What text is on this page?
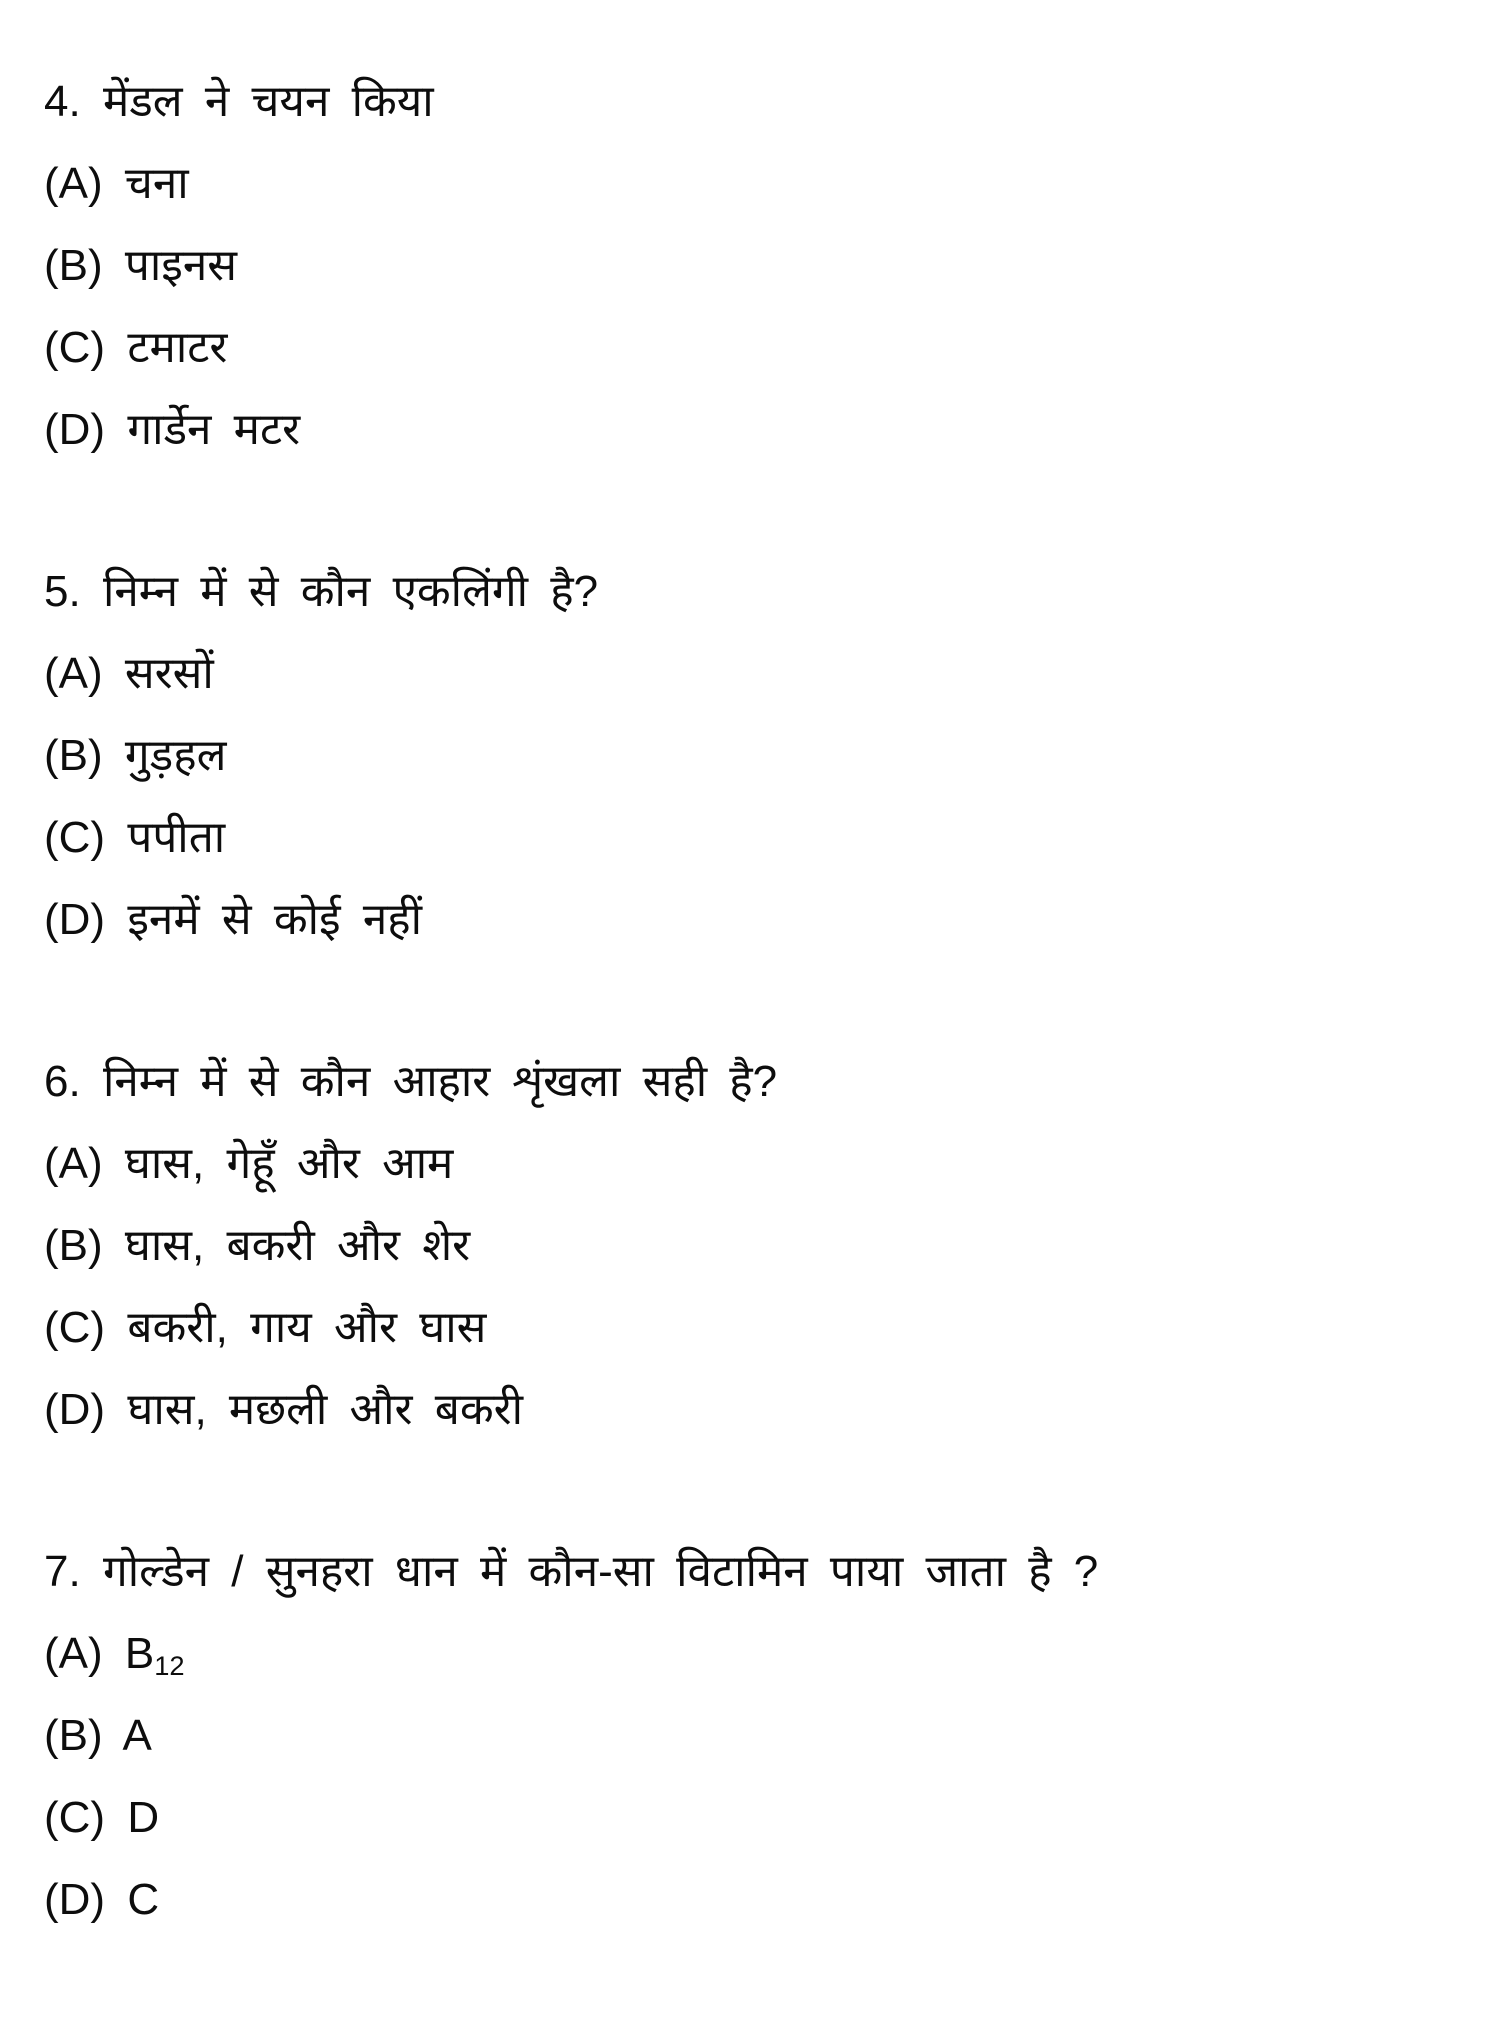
4. मेंडल ने चयन किया
(A) चना
(B) पाइनस
(C) टमाटर
(D) गार्डेन मटर
5. निम्न में से कौन एकलिंगी है?
(A) सरसों
(B) गुड़हल
(C) पपीता
(D) इनमें से कोई नहीं
6. निम्न में से कौन आहार शृंखला सही है?
(A) घास, गेहूँ और आम
(B) घास, बकरी और शेर
(C) बकरी, गाय और घास
(D) घास, मछली और बकरी
7. गोल्डेन / सुनहरा धान में कौन-सा विटामिन पाया जाता है ?
(A) $B_{12}$
(B) A
(C) D
(D) C
